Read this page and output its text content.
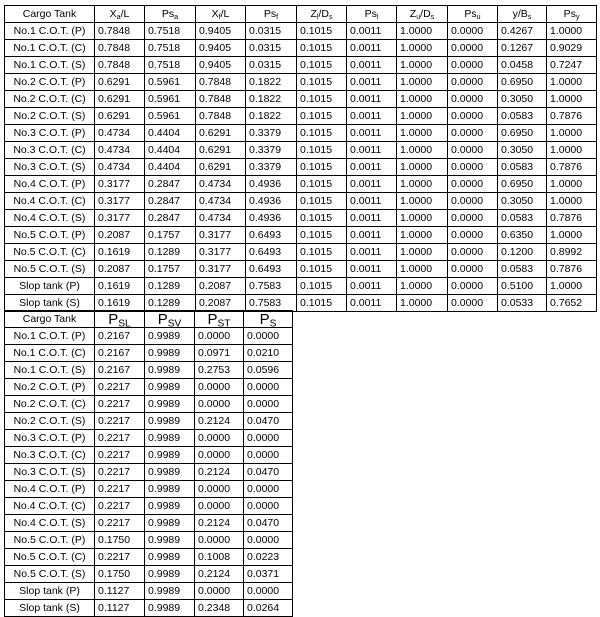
Cargo Tank	$X_a/L$	$Ps_a$	$X_f/L$	$Ps_f$	$Z_l/D_s$	$Ps_l$	$Z_u/D_s$	$Ps_u$	$y/B_s$	$Ps_y$
No.1 C.O.T. (P)	0.7848	0.7518	0.9405	0.0315	0.1015	0.0011	1.0000	0.0000	0.4267	1.0000
No.1 C.O.T. (C)	0.7848	0.7518	0.9405	0.0315	0.1015	0.0011	1.0000	0.0000	0.1267	0.9029
No.1 C.O.T. (S)	0.7848	0.7518	0.9405	0.0315	0.1015	0.0011	1.0000	0.0000	0.0458	0.7247
No.2 C.O.T. (P)	0.6291	0.5961	0.7848	0.1822	0.1015	0.0011	1.0000	0.0000	0.6950	1.0000
No.2 C.O.T. (C)	0.6291	0.5961	0.7848	0.1822	0.1015	0.0011	1.0000	0.0000	0.3050	1.0000
No.2 C.O.T. (S)	0.6291	0.5961	0.7848	0.1822	0.1015	0.0011	1.0000	0.0000	0.0583	0.7876
No.3 C.O.T. (P)	0.4734	0.4404	0.6291	0.3379	0.1015	0.0011	1.0000	0.0000	0.6950	1.0000
No.3 C.O.T. (C)	0.4734	0.4404	0.6291	0.3379	0.1015	0.0011	1.0000	0.0000	0.3050	1.0000
No.3 C.O.T. (S)	0.4734	0.4404	0.6291	0.3379	0.1015	0.0011	1.0000	0.0000	0.0583	0.7876
No.4 C.O.T. (P)	0.3177	0.2847	0.4734	0.4936	0.1015	0.0011	1.0000	0.0000	0.6950	1.0000
No.4 C.O.T. (C)	0.3177	0.2847	0.4734	0.4936	0.1015	0.0011	1.0000	0.0000	0.3050	1.0000
No.4 C.O.T. (S)	0.3177	0.2847	0.4734	0.4936	0.1015	0.0011	1.0000	0.0000	0.0583	0.7876
No.5 C.O.T. (P)	0.2087	0.1757	0.3177	0.6493	0.1015	0.0011	1.0000	0.0000	0.6350	1.0000
No.5 C.O.T. (C)	0.1619	0.1289	0.3177	0.6493	0.1015	0.0011	1.0000	0.0000	0.1200	0.8992
No.5 C.O.T. (S)	0.2087	0.1757	0.3177	0.6493	0.1015	0.0011	1.0000	0.0000	0.0583	0.7876
Slop tank (P)	0.1619	0.1289	0.2087	0.7583	0.1015	0.0011	1.0000	0.0000	0.5100	1.0000
Slop tank (S)	0.1619	0.1289	0.2087	0.7583	0.1015	0.0011	1.0000	0.0000	0.0533	0.7652
Cargo Tank	$P_{SL}$	$P_{SV}$	$P_{ST}$	$P_S$
No.1 C.O.T. (P)	0.2167	0.9989	0.0000	0.0000
No.1 C.O.T. (C)	0.2167	0.9989	0.0971	0.0210
No.1 C.O.T. (S)	0.2167	0.9989	0.2753	0.0596
No.2 C.O.T. (P)	0.2217	0.9989	0.0000	0.0000
No.2 C.O.T. (C)	0.2217	0.9989	0.0000	0.0000
No.2 C.O.T. (S)	0.2217	0.9989	0.2124	0.0470
No.3 C.O.T. (P)	0.2217	0.9989	0.0000	0.0000
No.3 C.O.T. (C)	0.2217	0.9989	0.0000	0.0000
No.3 C.O.T. (S)	0.2217	0.9989	0.2124	0.0470
No.4 C.O.T. (P)	0.2217	0.9989	0.0000	0.0000
No.4 C.O.T. (C)	0.2217	0.9989	0.0000	0.0000
No.4 C.O.T. (S)	0.2217	0.9989	0.2124	0.0470
No.5 C.O.T. (P)	0.1750	0.9989	0.0000	0.0000
No.5 C.O.T. (C)	0.2217	0.9989	0.1008	0.0223
No.5 C.O.T. (S)	0.1750	0.9989	0.2124	0.0371
Slop tank (P)	0.1127	0.9989	0.0000	0.0000
Slop tank (S)	0.1127	0.9989	0.2348	0.0264
